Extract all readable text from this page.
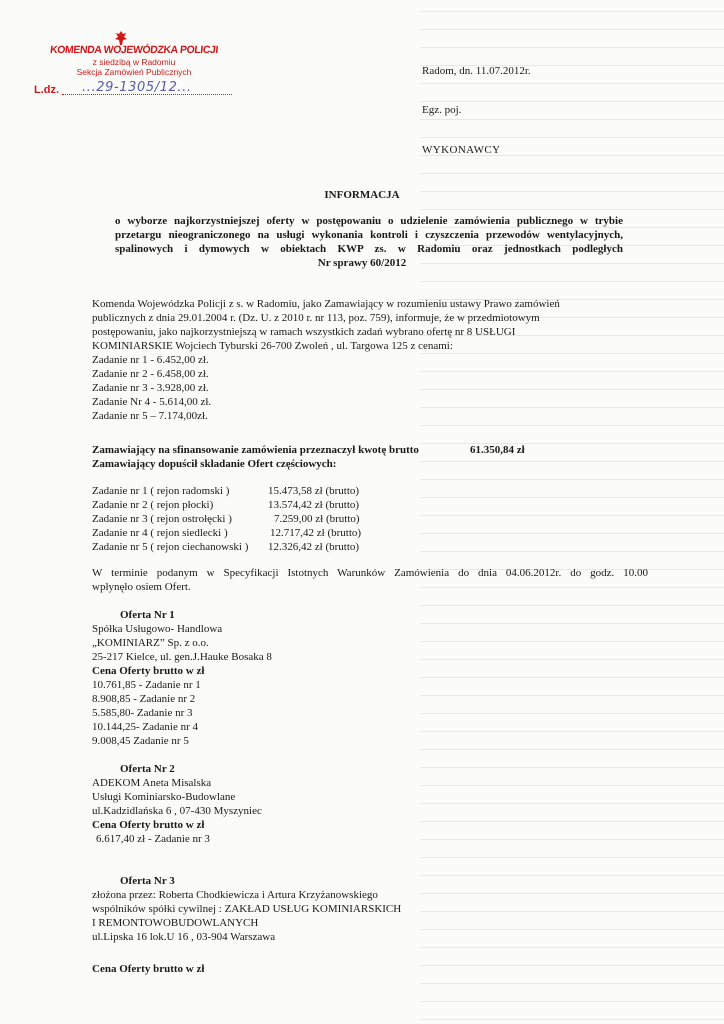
KOMENDA WOJEWÓDZKA POLICJI
z siedzibą w Radomiu
Sekcja Zamówień Publicznych
L.dz. ...29-1305/12...
Radom, dn. 11.07.2012r.
Egz. poj.
WYKONAWCY
INFORMACJA
o wyborze najkorzystniejszej oferty w postępowaniu o udzielenie zamówienia publicznego w trybie
przetargu nieograniczonego na usługi wykonania kontroli i czyszczenia przewodów wentylacyjnych,
spalinowych i dymowych w obiektach KWP zs. w Radomiu oraz jednostkach podległych
Nr sprawy 60/2012
Komenda Wojewódzka Policji z s. w Radomiu, jako Zamawiający w rozumieniu ustawy Prawo zamówień
publicznych z dnia 29.01.2004 r. (Dz. U. z 2010 r. nr 113, poz. 759), informuje, że w przedmiotowym
postępowaniu, jako najkorzystniejszą w ramach wszystkich zadań wybrano ofertę nr 8 USŁUGI
KOMINIARSKIE Wojciech Tyburski 26-700 Zwoleń , ul. Targowa 125 z cenami:
Zadanie nr 1 - 6.452,00 zł.
Zadanie nr 2 - 6.458,00 zł.
Zadanie nr 3 - 3.928,00 zł.
Zadanie Nr 4 - 5.614,00 zł.
Zadanie nr 5 – 7.174,00zł.
Zamawiający na sfinansowanie zamówienia przeznaczył kwotę brutto	61.350,84 zł
Zamawiający dopuścił składanie Ofert częściowych:
Zadanie nr 1 ( rejon radomski )	15.473,58 zł (brutto)
Zadanie nr 2 ( rejon płocki)	13.574,42 zł (brutto)
Zadanie nr 3 ( rejon ostrołęcki )	7.259,00 zł (brutto)
Zadanie nr 4 ( rejon siedlecki )	12.717,42 zł (brutto)
Zadanie nr 5 ( rejon ciechanowski ) 12.326,42 zł (brutto)
W terminie podanym w Specyfikacji Istotnych Warunków Zamówienia do dnia 04.06.2012r. do godz. 10.00
wpłynęło osiem Ofert.
Oferta Nr 1
Spółka Usługowo- Handlowa
„KOMINIARZ” Sp. z o.o.
25-217 Kielce, ul. gen.J.Hauke Bosaka 8
Cena Oferty brutto w zł
10.761,85 - Zadanie nr 1
8.908,85 - Zadanie nr 2
5.585,80- Zadanie nr 3
10.144,25- Zadanie nr 4
9.008,45 Zadanie nr 5
Oferta Nr 2
ADEKOM Aneta Misalska
Usługi Kominiarsko-Budowlane
ul.Kadzidlańska 6 , 07-430 Myszyniec
Cena Oferty brutto w zł
6.617,40 zł - Zadanie nr 3
Oferta Nr 3
złożona przez: Roberta Chodkiewicza i Artura Krzyżanowskiego
wspólników spółki cywilnej : ZAKŁAD USŁUG KOMINIARSKICH
I REMONTOWOBUDOWLANYCH
ul.Lipska 16 lok.U 16 , 03-904 Warszawa
Cena Oferty brutto w zł
